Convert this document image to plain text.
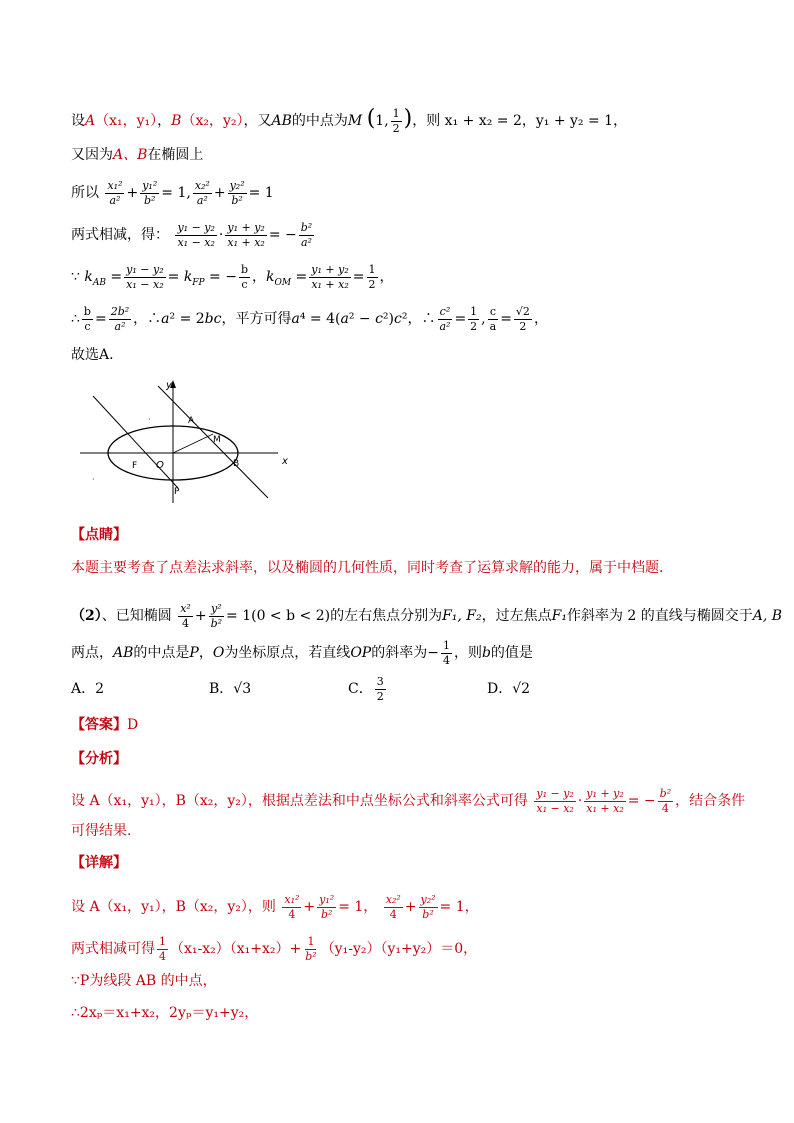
设A（x₁，y₁），B（x₂，y₂），又AB的中点为M (1, $\frac{1}{2}$ )，则 x₁ + x₂ = 2，y₁ + y₂ = 1，
又因为A、B在椭圆上
所以 $\frac{\text{x₁²}}{\text{a²}} + \frac{\text{y₁²}}{\text{b²}} = 1$, $\frac{\text{x₂²}}{\text{a²}} + \frac{\text{y₂²}}{\text{b²}} = 1$
两式相减，得： $\frac{\text{y₁ − y₂}}{\text{x₁ − x₂}} \cdot \frac{\text{y₁ + y₂}}{\text{x₁ + x₂}}$ = − $\frac{\text{b²}}{\text{a²}}$
∵ $k_{AB} = \frac{\text{y₁ − y₂}}{\text{x₁ − x₂}} = k_{FP}$ = − $\frac{b}{c}$ ，$k_{OM} = \frac{\text{y₁ + y₂}}{\text{x₁ + x₂}} = \frac{1}{2}$ ，
∴ $\frac{b}{c} = \frac{\text{2b²}}{\text{a²}}$ ，∴a² = 2bc，平方可得a⁴ = 4(a² − c²)c²，∴ $\frac{\text{c²}}{\text{a²}} = \frac{1}{2}$ , $\frac{c}{a} = \frac{√2}{2}$ ，
故选A.
y
x
A
M
F O	B
P
·
·
【点睛】
本题主要考查了点差法求斜率，以及椭圆的几何性质，同时考查了运算求解的能力，属于中档题．
（2）、已知椭圆 $\frac{\text{x²}}{4} + \frac{\text{y²}}{\text{b²}} = 1(0 < b < 2)$的左右焦点分别为F₁, F₂，过左焦点F₁作斜率为 2 的直线与椭圆交于A, B
两点，AB的中点是P，O为坐标原点，若直线OP的斜率为− $\frac{1}{4}$ ，则b的值是
A．2	B．√3	C． $\frac{3}{2}$	D．√2
【答案】D
【分析】
设 A（x₁，y₁），B（x₂，y₂），根据点差法和中点坐标公式和斜率公式可得 $\frac{\text{y₁ − y₂}}{\text{x₁ − x₂}} \cdot \frac{\text{y₁ + y₂}}{\text{x₁ + x₂}}$ = − $\frac{\text{b²}}{4}$ ，结合条件
可得结果.
【详解】
设 A（x₁，y₁），B（x₂，y₂），则 $\frac{\text{x₁²}}{4} + \frac{\text{y₁²}}{\text{b²}} = 1$， $\frac{\text{x₂²}}{4} + \frac{\text{y₂²}}{\text{b²}} = 1$，
两式相减可得 $\frac{1}{4} (x_1-x_2)(x_1+x_2)+ \frac{1}{\text{b²}} (y_1-y_2)(y_1+y_2)=0$，
∵P为线段 AB 的中点，
∴2xₚ＝x₁+x₂，2yₚ＝y₁+y₂，
